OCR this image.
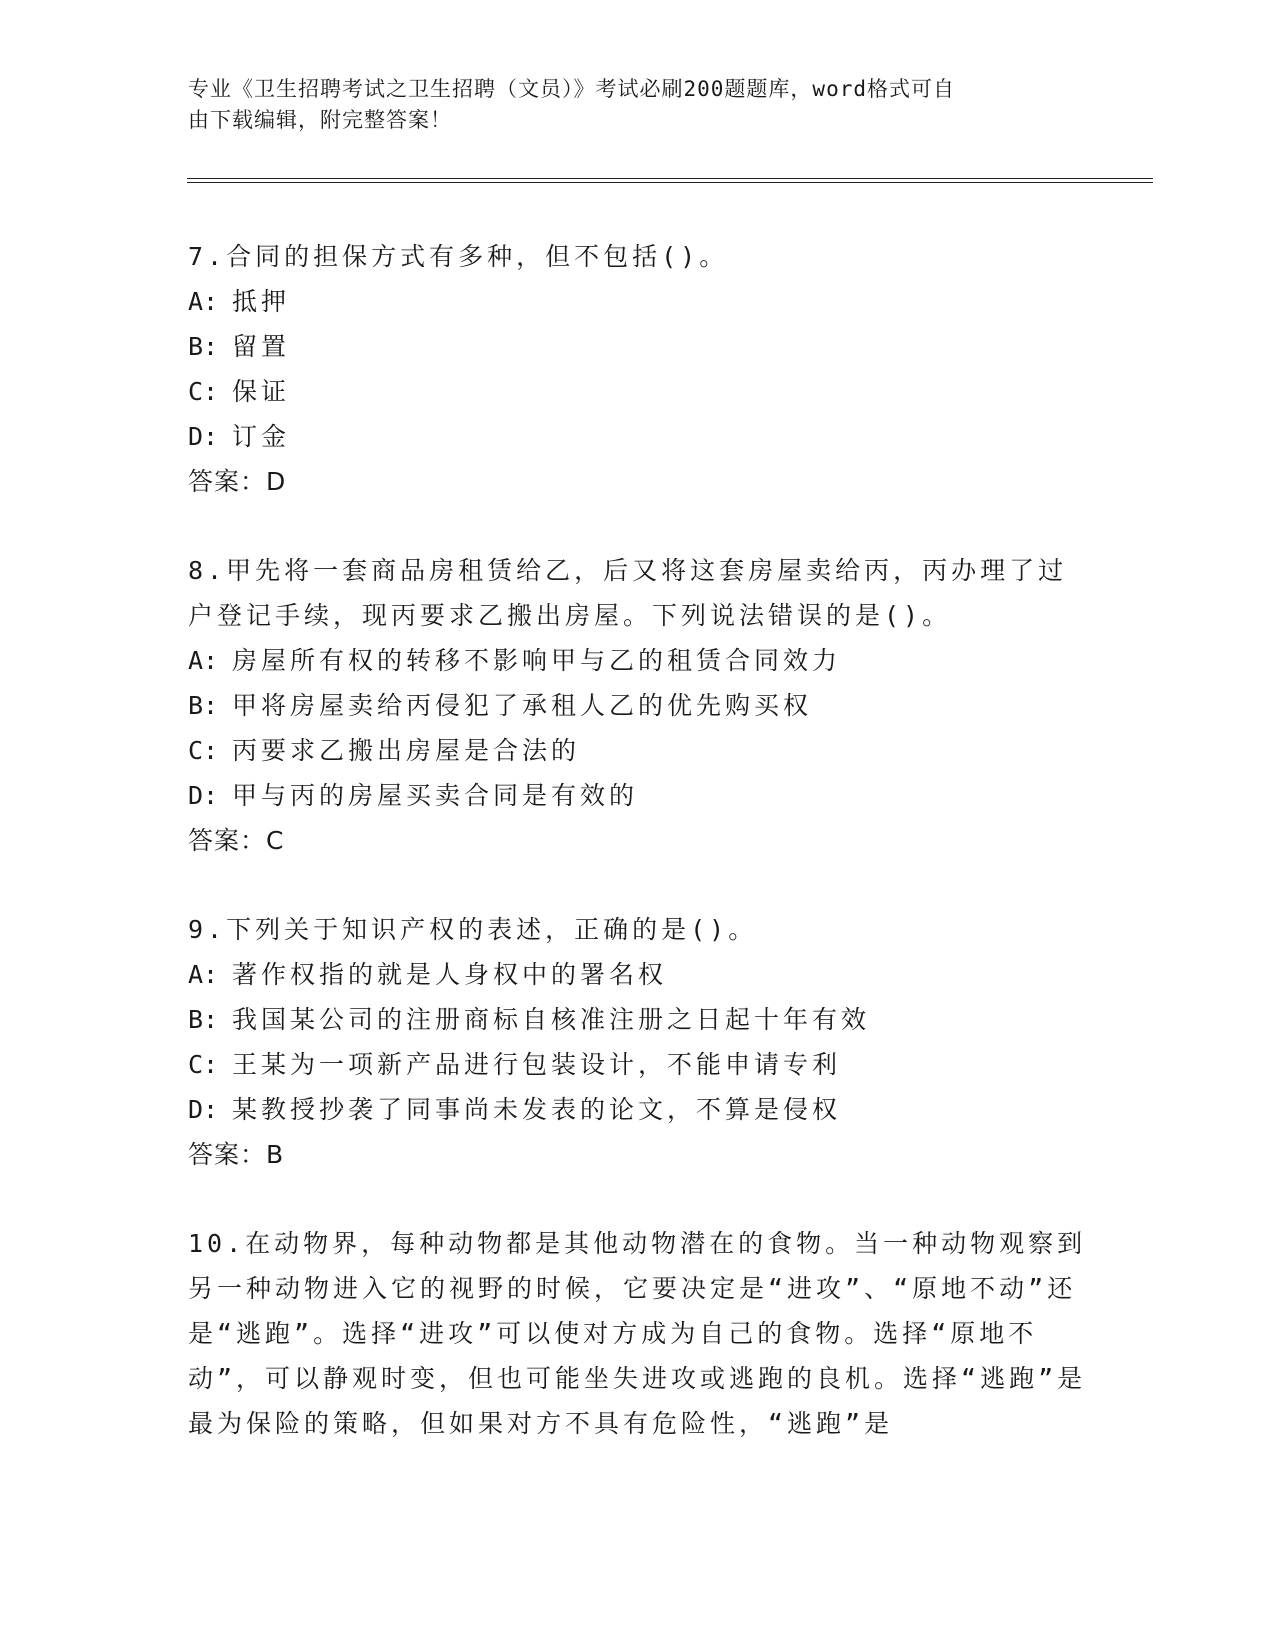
专业《卫生招聘考试之卫生招聘（文员）》考试必刷200题题库，word格式可自
由下载编辑，附完整答案！

7.合同的担保方式有多种，但不包括()。

A: 抵押

B: 留置

C: 保证

D: 订金

答案：D

8.甲先将一套商品房租赁给乙，后又将这套房屋卖给丙，丙办理了过户登记手续，现丙要求乙搬出房屋。下列说法错误的是()。

A: 房屋所有权的转移不影响甲与乙的租赁合同效力

B: 甲将房屋卖给丙侵犯了承租人乙的优先购买权

C: 丙要求乙搬出房屋是合法的

D: 甲与丙的房屋买卖合同是有效的

答案：C

9.下列关于知识产权的表述，正确的是()。

A: 著作权指的就是人身权中的署名权

B: 我国某公司的注册商标自核准注册之日起十年有效

C: 王某为一项新产品进行包装设计，不能申请专利

D: 某教授抄袭了同事尚未发表的论文，不算是侵权

答案：B

10.在动物界，每种动物都是其他动物潜在的食物。当一种动物观察到另一种动物进入它的视野的时候，它要决定是“进攻”、“原地不动”还是“逃跑”。选择“进攻”可以使对方成为自己的食物。选择“原地不动”，可以静观时变，但也可能坐失进攻或逃跑的良机。选择“逃跑”是最为保险的策略，但如果对方不具有危险性，“逃跑”是
